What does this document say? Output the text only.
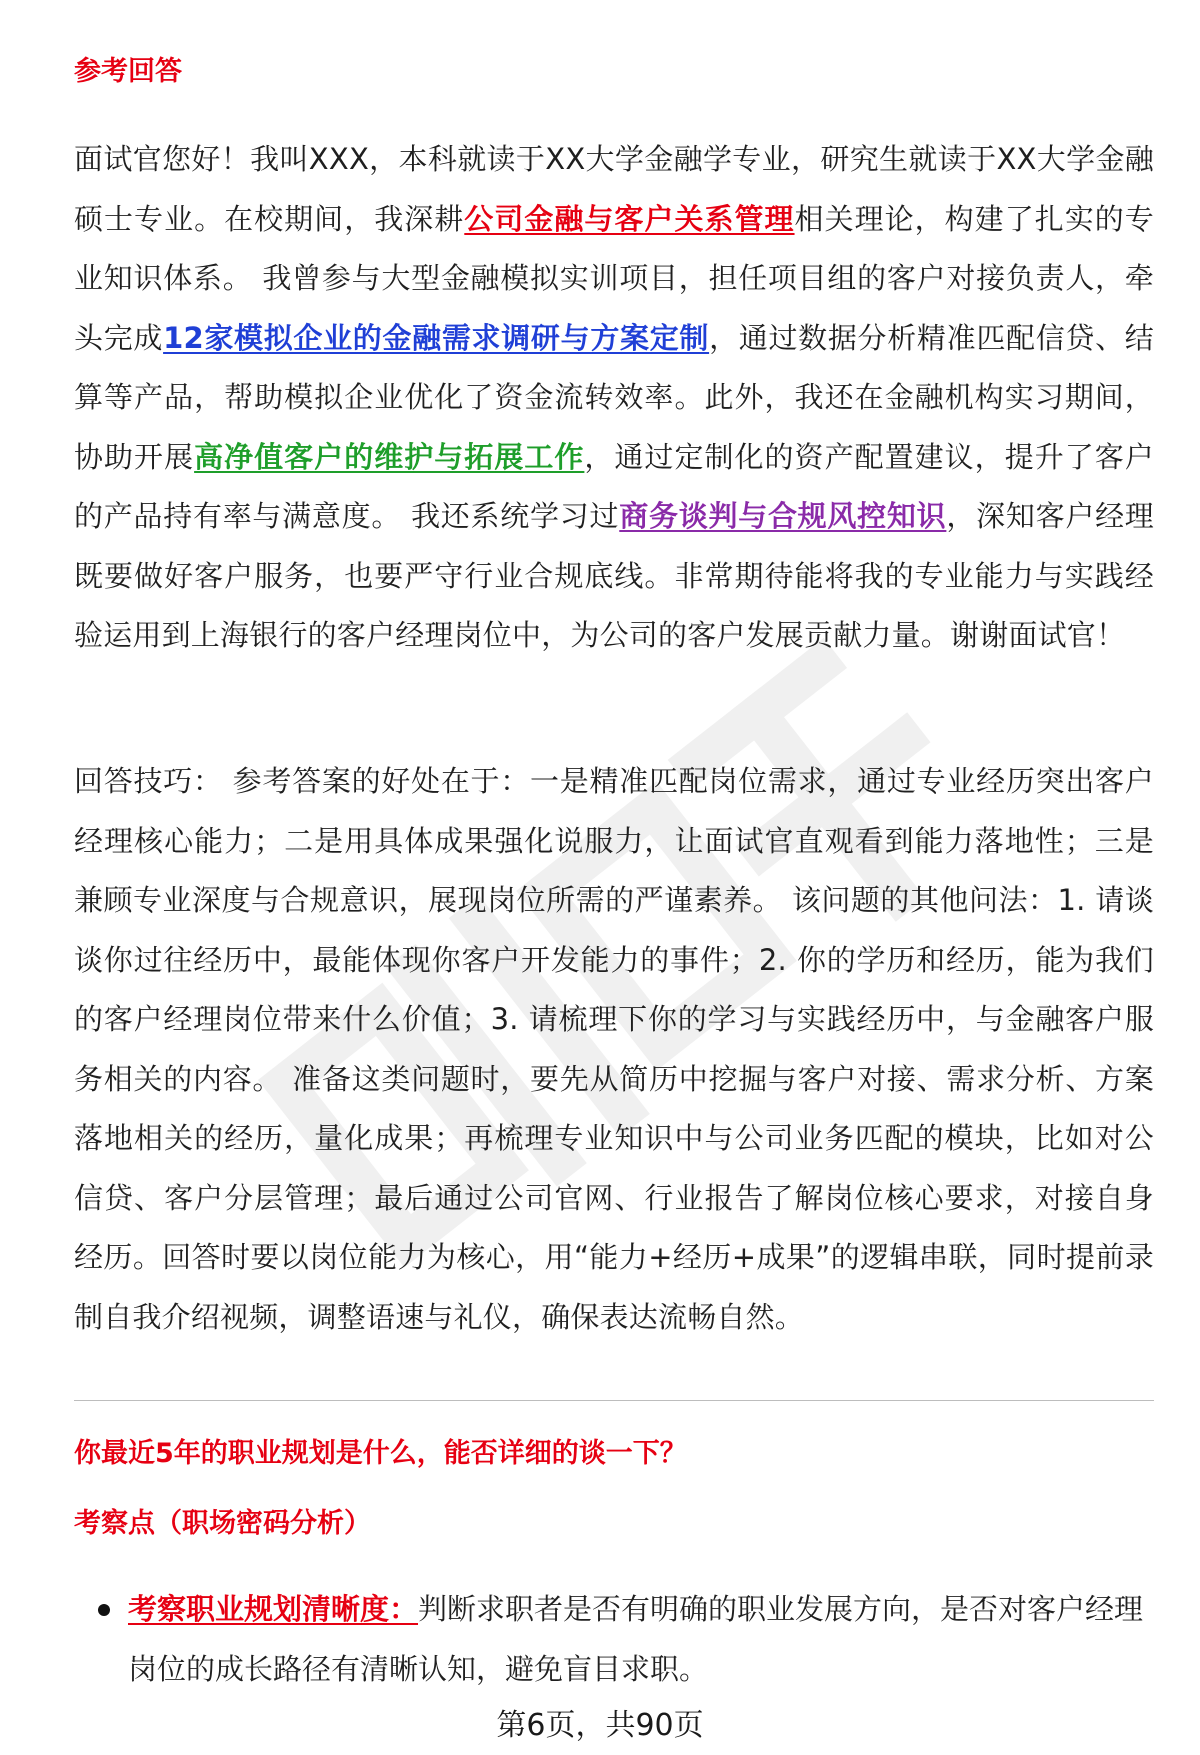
参考回答

面试官您好！我叫XXX，本科就读于XX大学金融学专业，研究生就读于XX大学金融硕士专业。在校期间，我深耕公司金融与客户关系管理相关理论，构建了扎实的专业知识体系。 我曾参与大型金融模拟实训项目，担任项目组的客户对接负责人，牵头完成12家模拟企业的金融需求调研与方案定制，通过数据分析精准匹配信贷、结算等产品，帮助模拟企业优化了资金流转效率。此外，我还在金融机构实习期间，协助开展高净值客户的维护与拓展工作，通过定制化的资产配置建议，提升了客户的产品持有率与满意度。 我还系统学习过商务谈判与合规风控知识，深知客户经理既要做好客户服务，也要严守行业合规底线。非常期待能将我的专业能力与实践经验运用到上海银行的客户经理岗位中，为公司的客户发展贡献力量。谢谢面试官！

回答技巧： 参考答案的好处在于：一是精准匹配岗位需求，通过专业经历突出客户经理核心能力；二是用具体成果强化说服力，让面试官直观看到能力落地性；三是兼顾专业深度与合规意识，展现岗位所需的严谨素养。 该问题的其他问法：1. 请谈谈你过往经历中，最能体现你客户开发能力的事件；2. 你的学历和经历，能为我们的客户经理岗位带来什么价值；3. 请梳理下你的学习与实践经历中，与金融客户服务相关的内容。 准备这类问题时，要先从简历中挖掘与客户对接、需求分析、方案落地相关的经历，量化成果；再梳理专业知识中与公司业务匹配的模块，比如对公信贷、客户分层管理；最后通过公司官网、行业报告了解岗位核心要求，对接自身经历。回答时要以岗位能力为核心，用“能力+经历+成果”的逻辑串联，同时提前录制自我介绍视频，调整语速与礼仪，确保表达流畅自然。

你最近5年的职业规划是什么，能否详细的谈一下？
考察点（职场密码分析）
考察职业规划清晰度：判断求职者是否有明确的职业发展方向，是否对客户经理岗位的成长路径有清晰认知，避免盲目求职。
第6页，共90页
